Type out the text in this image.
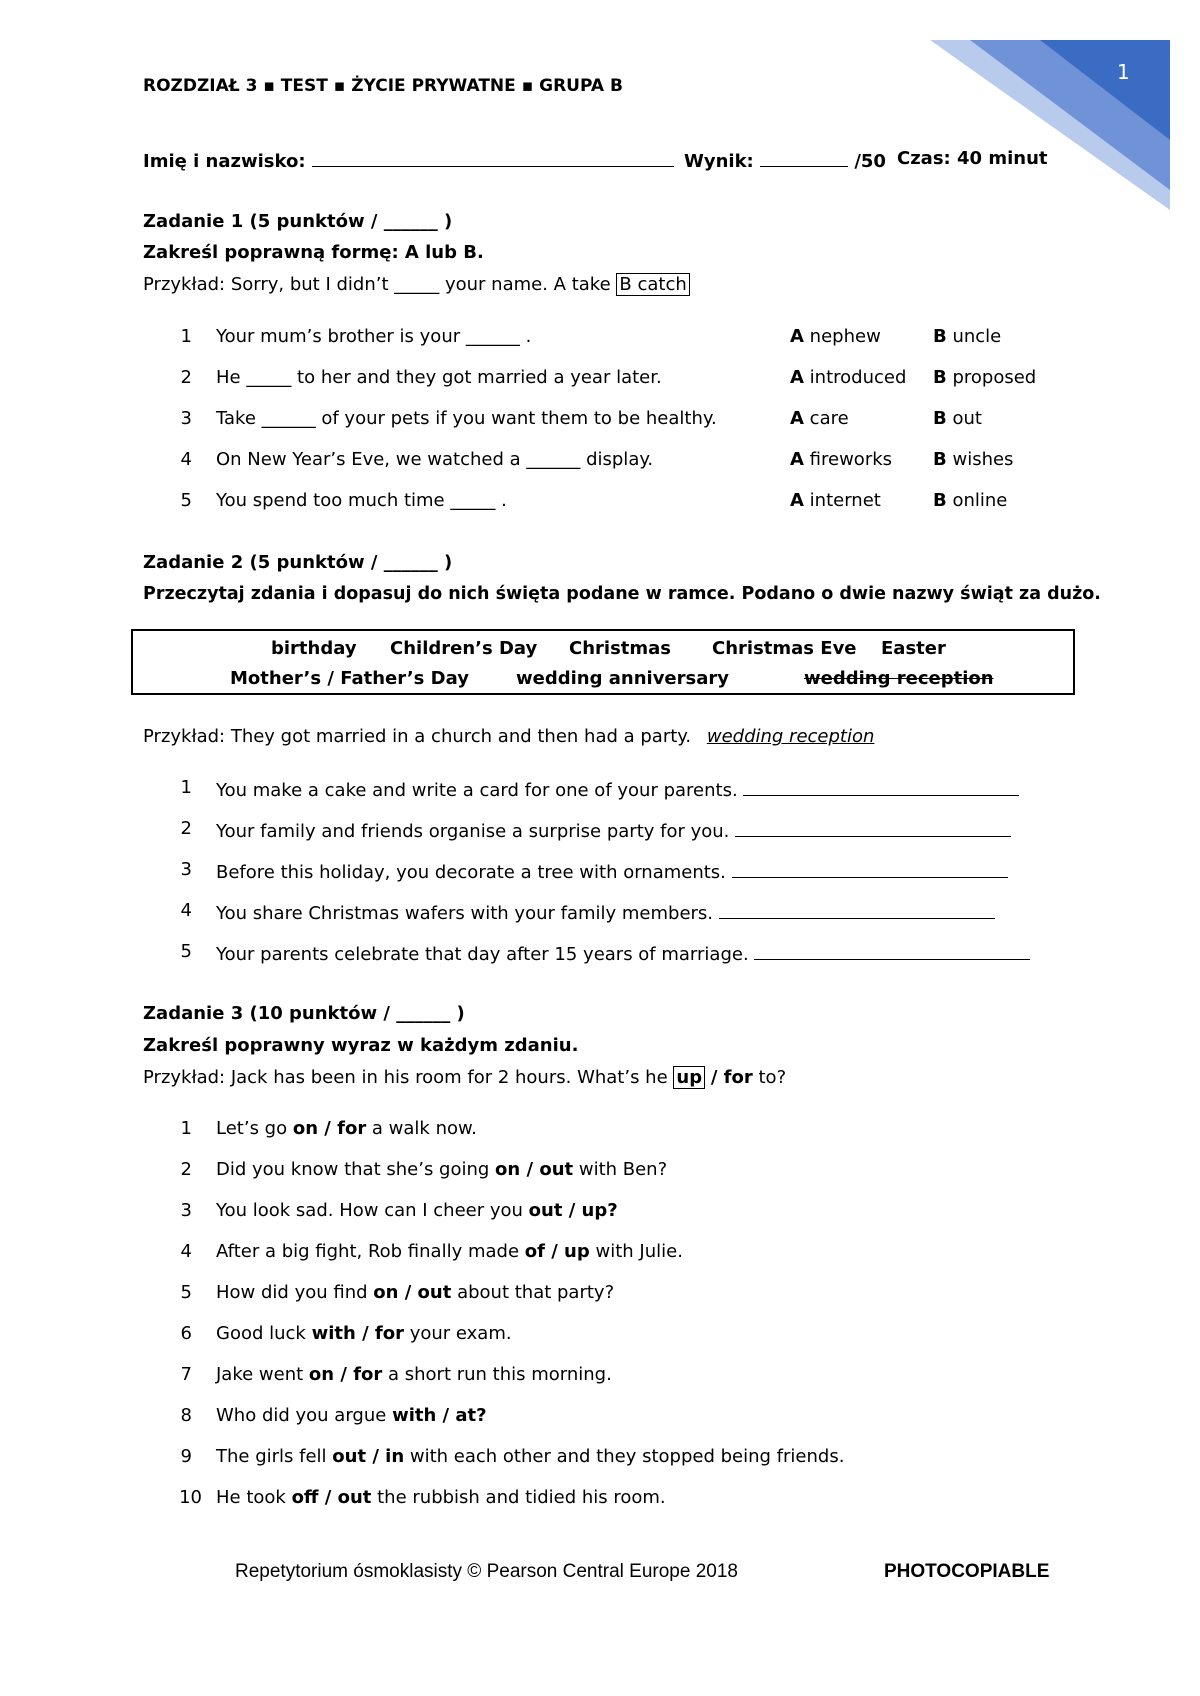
1
ROZDZIAŁ 3 ▪ TEST ▪ ŻYCIE PRYWATNE ▪ GRUPA B
Imię i nazwisko:	Wynik:	/50 Czas: 40 minut
Zadanie 1 (5 punktów / ______ )
Zakreśl poprawną formę: A lub B.
Przykład: Sorry, but I didn’t _____ your name. A take B catch
1 Your mum’s brother is your ______ .	A nephew	B uncle
2 He _____ to her and they got married a year later.	A introduced B proposed
3 Take ______ of your pets if you want them to be healthy.	A care	B out
4 On New Year’s Eve, we watched a ______ display.	A fireworks B wishes
5 You spend too much time _____ .	A internet	B online
Zadanie 2 (5 punktów / ______ )
Przeczytaj zdania i dopasuj do nich święta podane w ramce. Podano o dwie nazwy świąt za dużo.
birthday Children’s Day Christmas Christmas Eve Easter
Mother’s / Father’s Day	wedding anniversary	wedding reception
Przykład: They got married in a church and then had a party. wedding reception
1 You make a cake and write a card for one of your parents.
2 Your family and friends organise a surprise party for you.
3 Before this holiday, you decorate a tree with ornaments.
4 You share Christmas wafers with your family members.
5 Your parents celebrate that day after 15 years of marriage.
Zadanie 3 (10 punktów / ______ )
Zakreśl poprawny wyraz w każdym zdaniu.
Przykład: Jack has been in his room for 2 hours. What’s he up / for to?
1 Let’s go on / for a walk now.
2 Did you know that she’s going on / out with Ben?
3 You look sad. How can I cheer you out / up?
4 After a big fight, Rob finally made of / up with Julie.
5 How did you find on / out about that party?
6 Good luck with / for your exam.
7 Jake went on / for a short run this morning.
8 Who did you argue with / at?
9 The girls fell out / in with each other and they stopped being friends.
10 He took off / out the rubbish and tidied his room.
Repetytorium ósmoklasisty © Pearson Central Europe 2018	PHOTOCOPIABLE
